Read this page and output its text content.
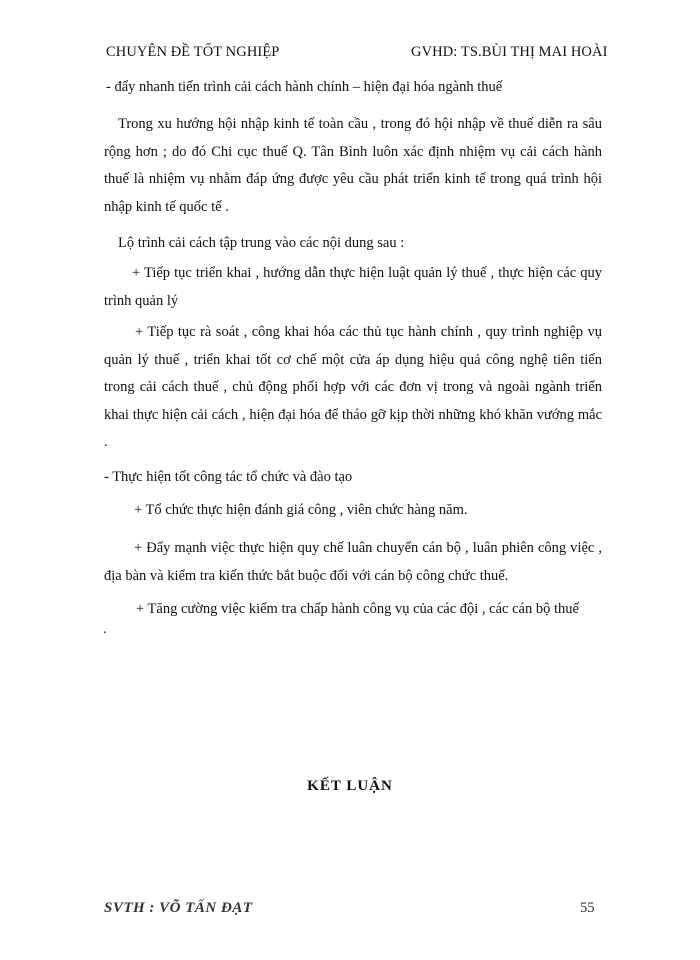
CHUYÊN ĐỀ TỐT NGHIỆP	GVHD: TS.BÙI THỊ MAI HOÀI

- đẩy nhanh tiến trình cải cách hành chính – hiện đại hóa ngành thuế

Trong xu hướng hội nhập kinh tế toàn cầu , trong đó hội nhập về thuế diễn ra sâu rộng hơn ; do đó Chi cục thuế Q. Tân Bình luôn xác định nhiệm vụ cải cách hành thuế là nhiệm vụ nhằm đáp ứng được yêu cầu phát triển kinh tế trong quá trình hội nhập kinh tế quốc tế .

Lộ trình cải cách tập trung vào các nội dung sau :

+ Tiếp tục triển khai , hướng dẫn thực hiện luật quản lý thuế , thực hiện các quy trình quản lý

+ Tiếp tục rà soát , công khai hóa các thủ tục hành chính , quy trình nghiệp vụ quản lý thuế , triển khai tốt cơ chế một cửa áp dụng hiệu quả công nghệ tiên tiến trong cải cách thuế , chủ động phối hợp với các đơn vị trong và ngoài ngành triển khai thực hiện cải cách , hiện đại hóa để tháo gỡ kịp thời những khó khăn vướng mắc .

- Thực hiện tốt công tác tổ chức và đào tạo

+ Tổ chức thực hiện đánh giá công , viên chức hàng năm.

+ Đẩy mạnh việc thực hiện quy chế luân chuyển cán bộ , luân phiên công việc , địa bàn và kiểm tra kiến thức bắt buộc đối với cán bộ công chức thuế.

+ Tăng cường việc kiểm tra chấp hành công vụ của các đội , các cán bộ thuế

.
KẾT LUẬN
SVTH : VÕ TẤN ĐẠT	55
